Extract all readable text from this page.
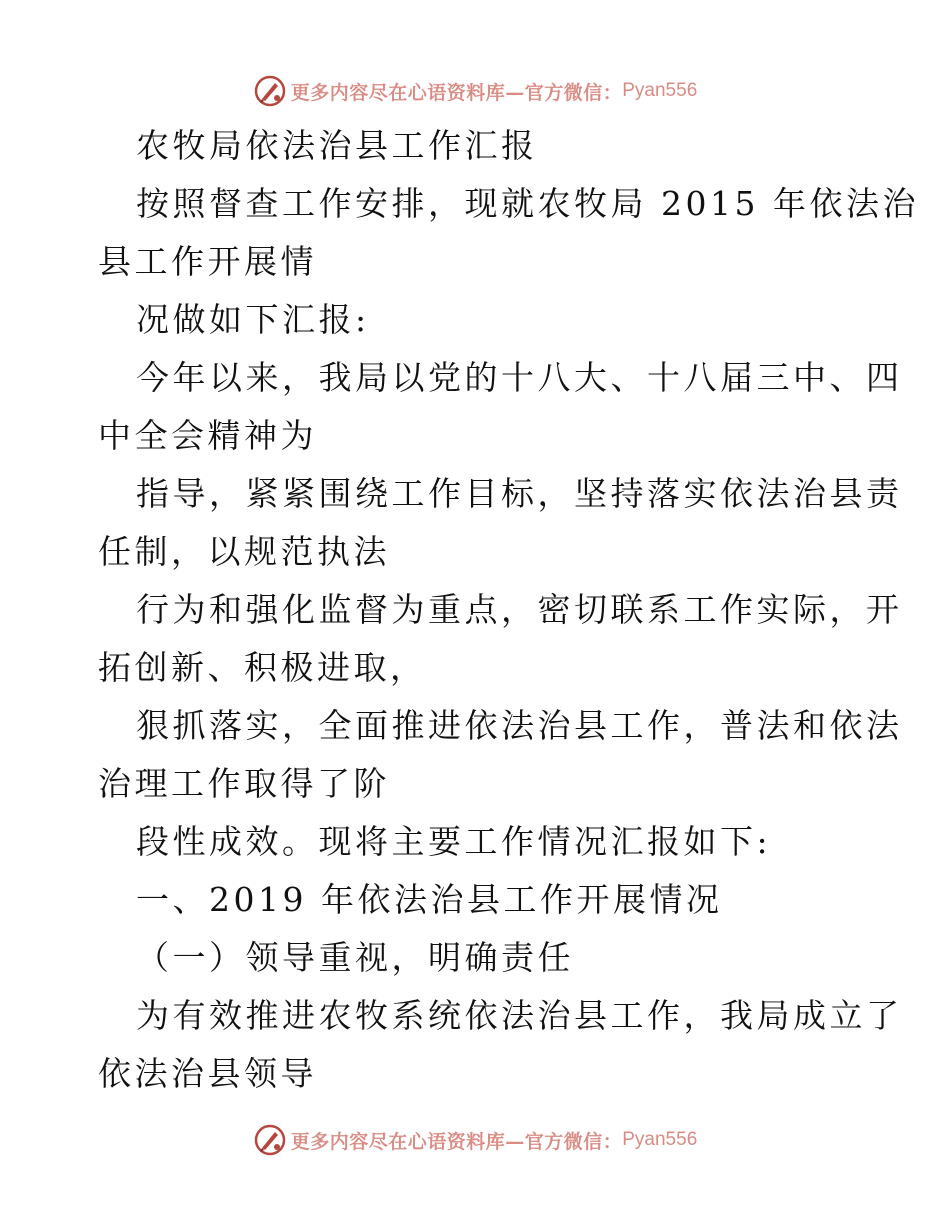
更多内容尽在心语资料库—官方微信： Pyan556

农牧局依法治县工作汇报

按照督查工作安排，现就农牧局 2015 年依法治

县工作开展情

况做如下汇报:

今年以来，我局以党的十八大、十八届三中、四

中全会精神为

指导，紧紧围绕工作目标，坚持落实依法治县责

任制，以规范执法

行为和强化监督为重点，密切联系工作实际，开

拓创新、积极进取，

狠抓落实，全面推进依法治县工作，普法和依法

治理工作取得了阶

段性成效。现将主要工作情况汇报如下:

一、2019 年依法治县工作开展情况

（一）领导重视，明确责任

为有效推进农牧系统依法治县工作，我局成立了

依法治县领导

更多内容尽在心语资料库—官方微信： Pyan556
